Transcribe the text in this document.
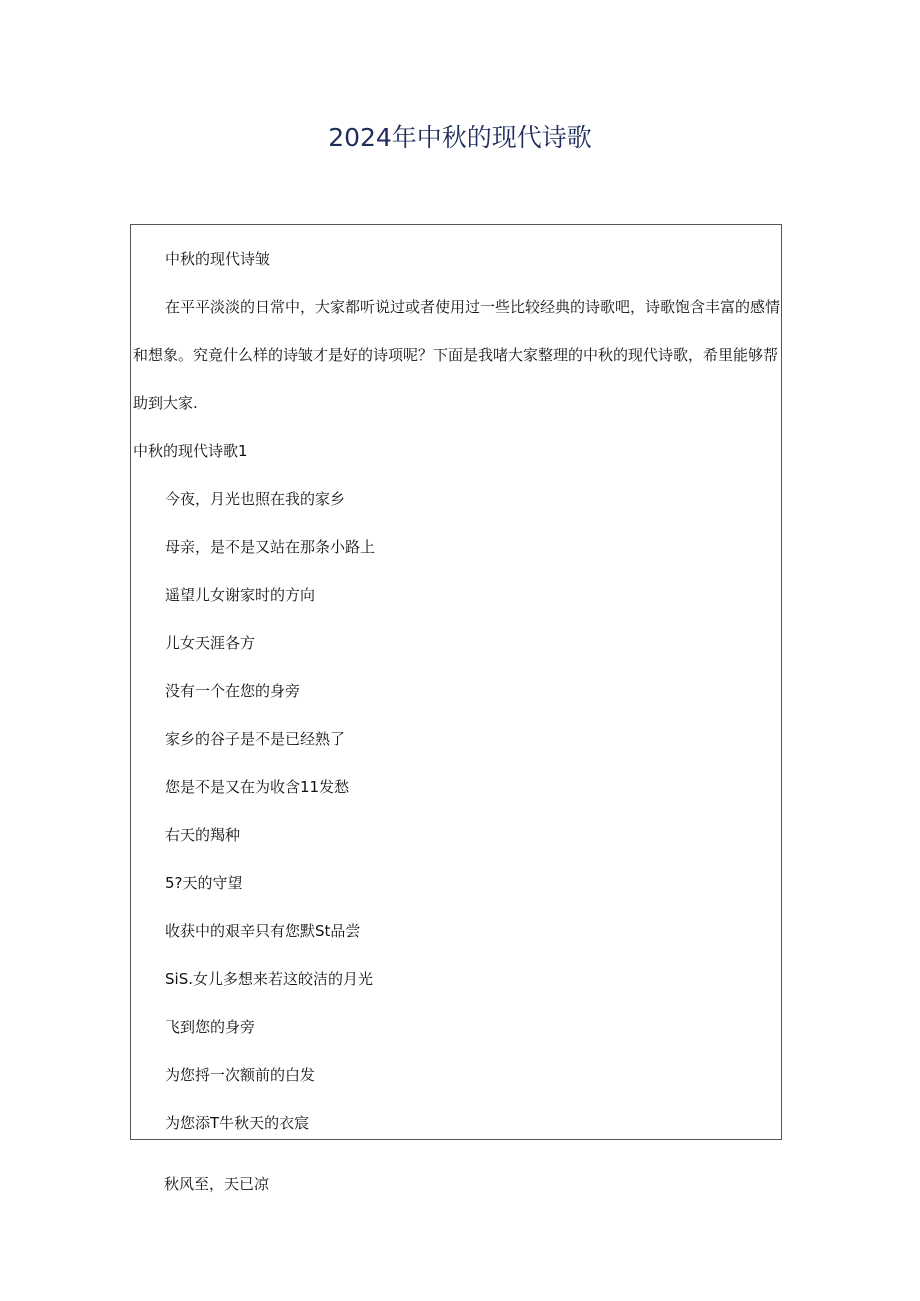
2024年中秋的现代诗歌
中秋的现代诗皱
在平平淡淡的日常中，大家都听说过或者使用过一些比较经典的诗歌吧，诗歌饱含丰富的感情和想象。究竟什么样的诗皱才是好的诗项呢？下面是我啫大家整理的中秋的现代诗歌，希里能够帮助到大家.
中秋的现代诗歌1
今夜，月光也照在我的家乡
母亲，是不是又站在那条小路上
遥望儿女谢家时的方向
儿女天涯各方
没有一个在您的身旁
家乡的谷子是不是已经熟了
您是不是又在为收含11发愁
右天的羯种
5?天的守望
收获中的艰辛只有您默St品尝
SiS.女儿多想来若这皎洁的月光
飞到您的身旁
为您捋一次额前的白发
为您添T牛秋天的衣宸
秋风至，天已凉
